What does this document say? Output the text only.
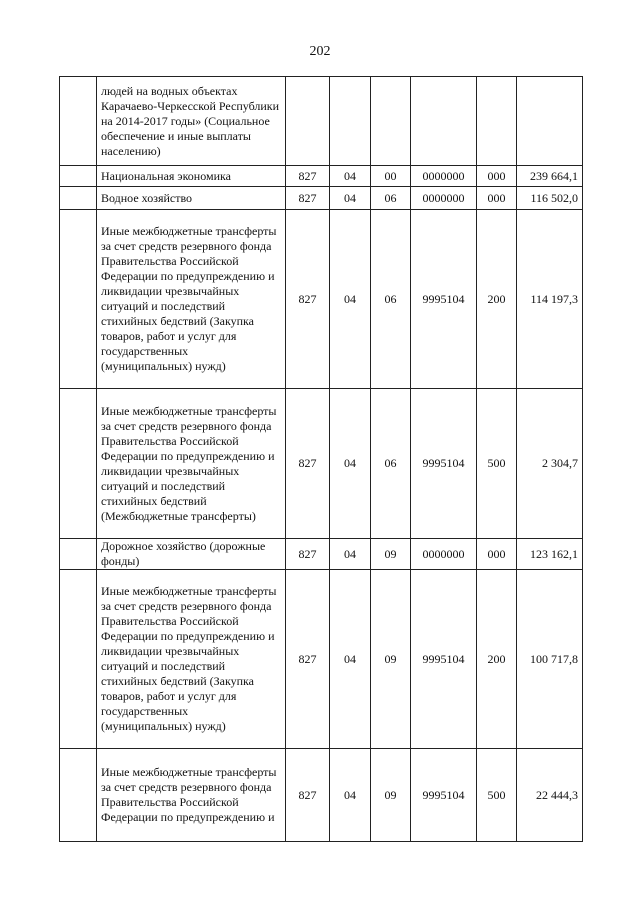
202
	людей на водных объектах Карачаево-Черкесской Республики на 2014-2017 годы» (Социальное обеспечение и иные выплаты населению)						
	Национальная экономика	827	04	00	0000000	000	239 664,1
	Водное хозяйство	827	04	06	0000000	000	116 502,0
	Иные межбюджетные трансферты за счет средств резервного фонда Правительства Российской Федерации по предупреждению и ликвидации чрезвычайных ситуаций и последствий стихийных бедствий (Закупка товаров, работ и услуг для государственных (муниципальных) нужд)	827	04	06	9995104	200	114 197,3
	Иные межбюджетные трансферты за счет средств резервного фонда Правительства Российской Федерации по предупреждению и ликвидации чрезвычайных ситуаций и последствий стихийных бедствий (Межбюджетные трансферты)	827	04	06	9995104	500	2 304,7
	Дорожное хозяйство (дорожные фонды)	827	04	09	0000000	000	123 162,1
	Иные межбюджетные трансферты за счет средств резервного фонда Правительства Российской Федерации по предупреждению и ликвидации чрезвычайных ситуаций и последствий стихийных бедствий (Закупка товаров, работ и услуг для государственных (муниципальных) нужд)	827	04	09	9995104	200	100 717,8
	Иные межбюджетные трансферты за счет средств резервного фонда Правительства Российской Федерации по предупреждению и	827	04	09	9995104	500	22 444,3
